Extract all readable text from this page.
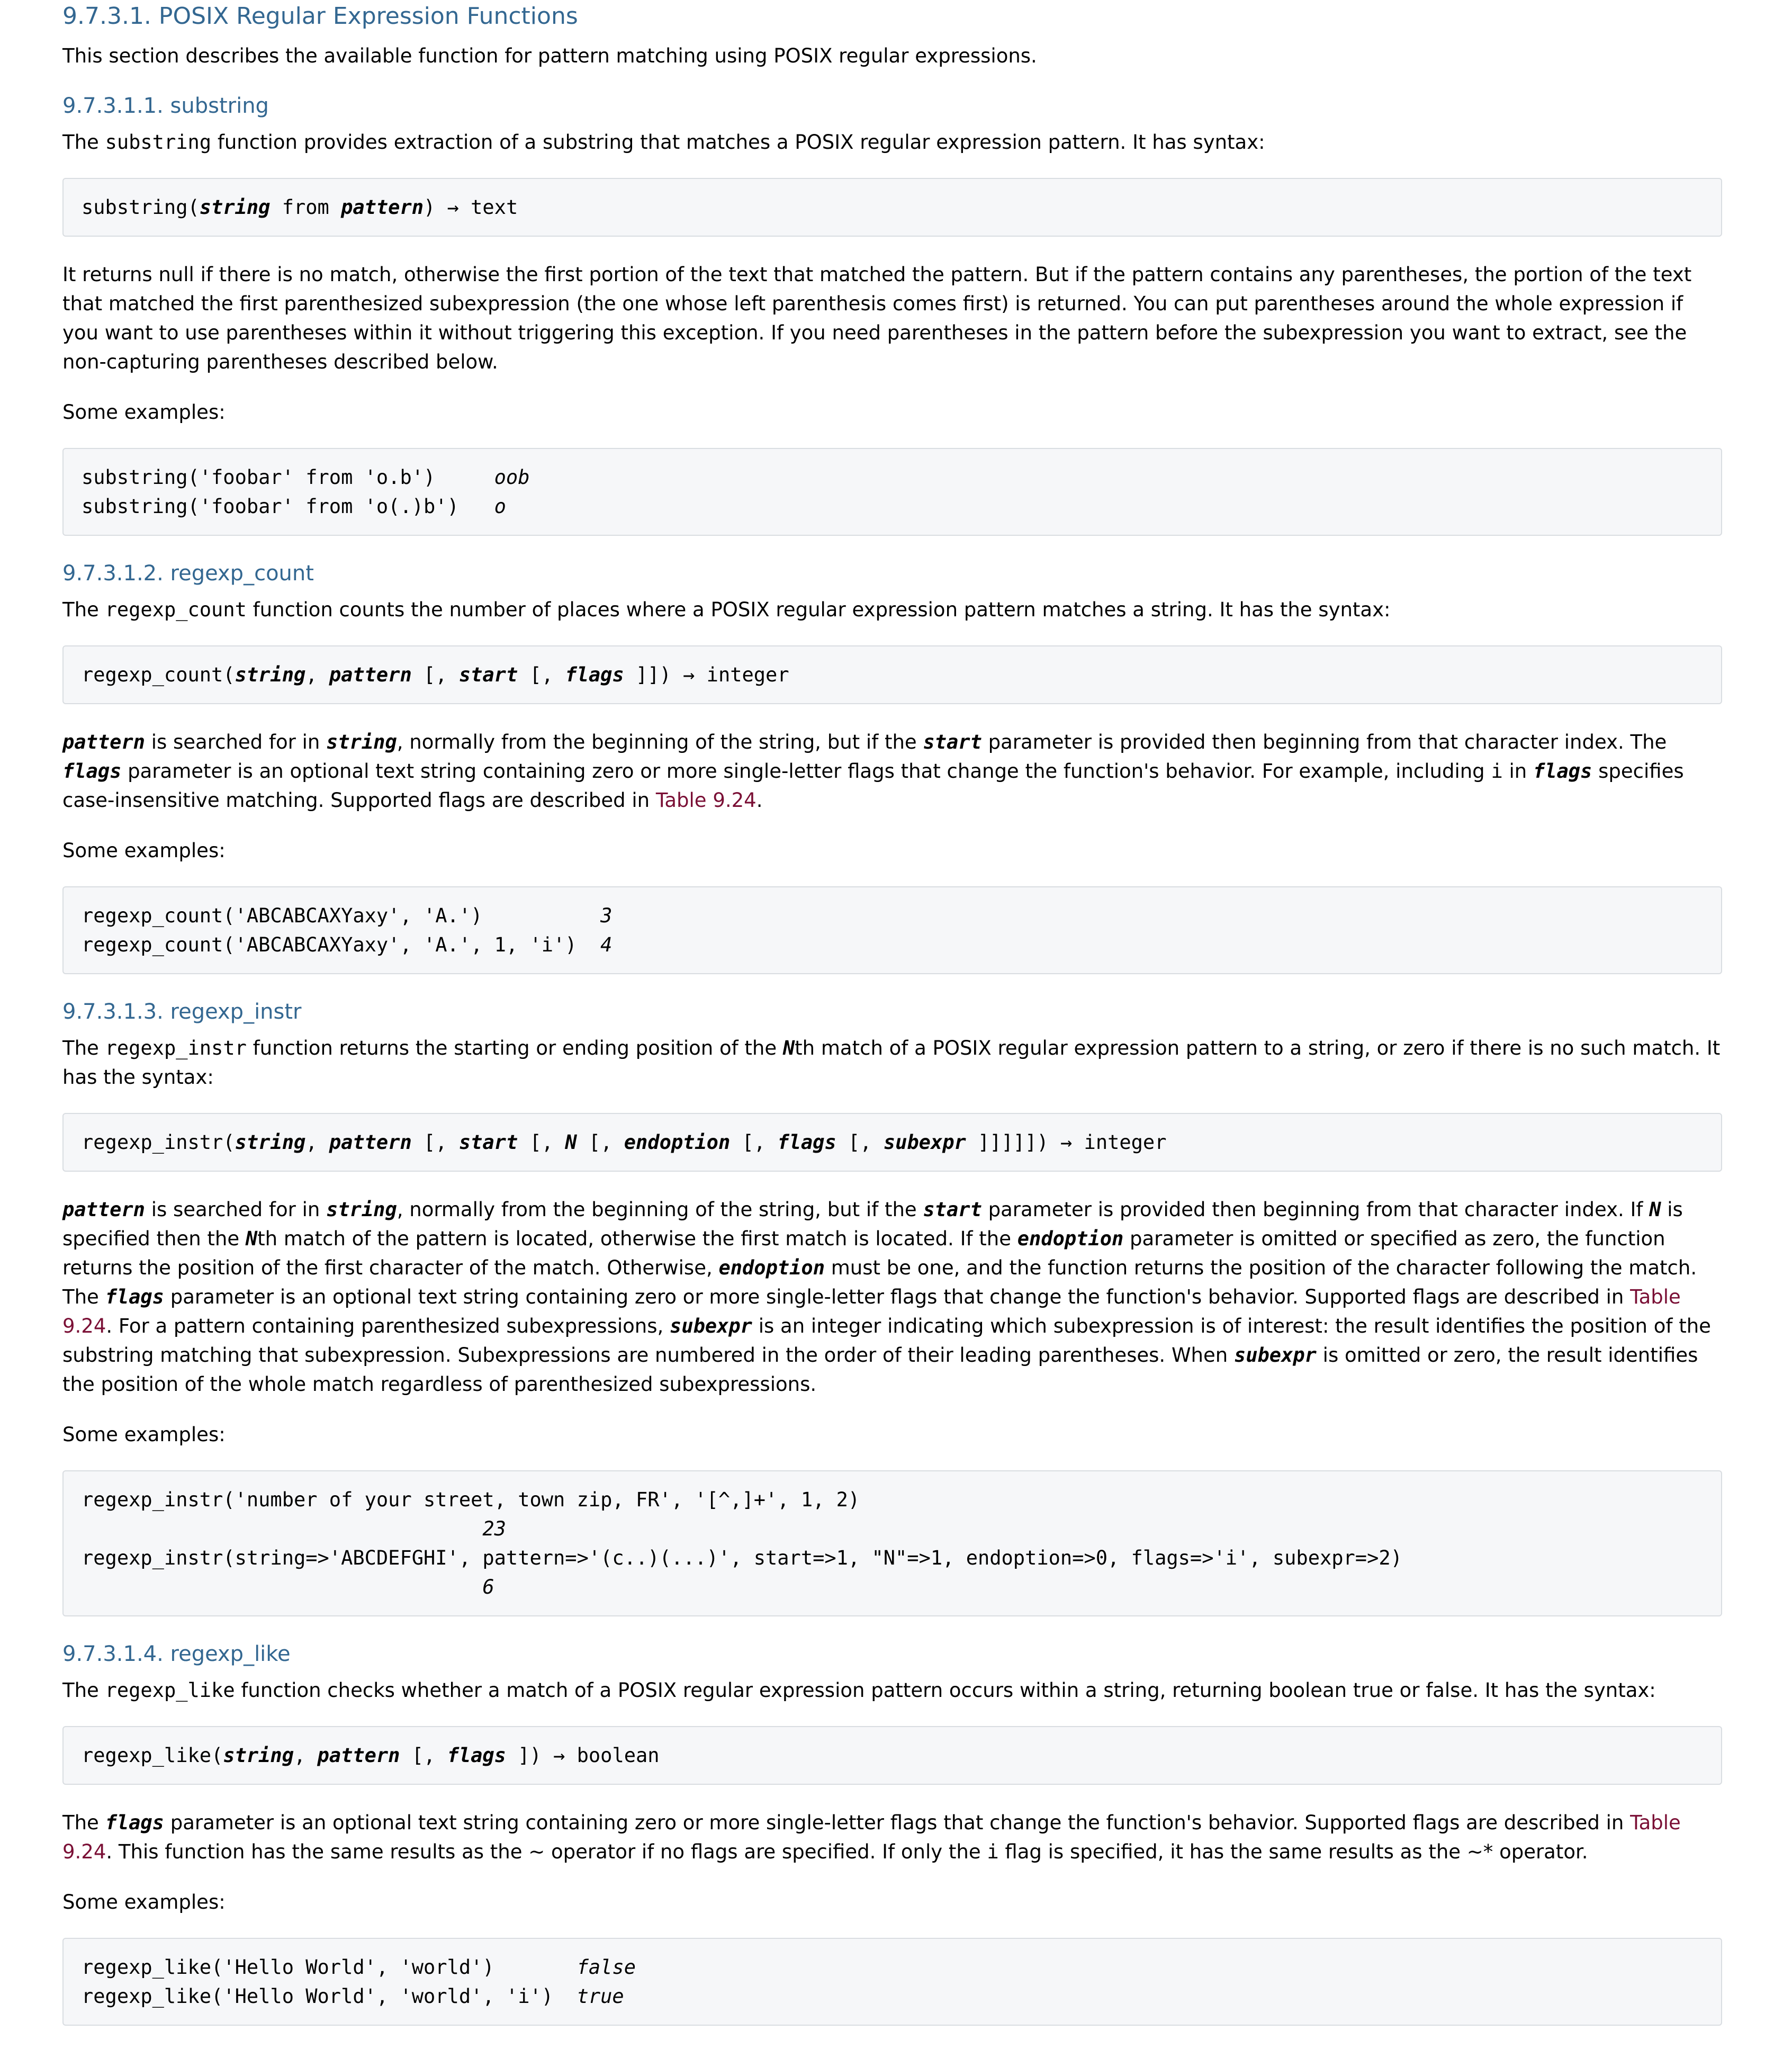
9.7.3.1. POSIX Regular Expression Functions

This section describes the available function for pattern matching using POSIX regular expressions.

9.7.3.1.1. substring

The substring function provides extraction of a substring that matches a POSIX regular expression pattern. It has syntax:

substring(string from pattern) → text

It returns null if there is no match, otherwise the first portion of the text that matched the pattern. But if the pattern contains any parentheses, the portion of the text that matched the first parenthesized subexpression (the one whose left parenthesis comes first) is returned. You can put parentheses around the whole expression if you want to use parentheses within it without triggering this exception. If you need parentheses in the pattern before the subexpression you want to extract, see the non-capturing parentheses described below.

Some examples:

substring('foobar' from 'o.b')     oob
substring('foobar' from 'o(.)b')   o
9.7.3.1.2. regexp_count

The regexp_count function counts the number of places where a POSIX regular expression pattern matches a string. It has the syntax:

regexp_count(string, pattern [, start [, flags ]]) → integer

pattern is searched for in string, normally from the beginning of the string, but if the start parameter is provided then beginning from that character index. The flags parameter is an optional text string containing zero or more single-letter flags that change the function's behavior. For example, including i in flags specifies case-insensitive matching. Supported flags are described in Table 9.24.

Some examples:

regexp_count('ABCABCAXYaxy', 'A.')          3
regexp_count('ABCABCAXYaxy', 'A.', 1, 'i')  4
9.7.3.1.3. regexp_instr

The regexp_instr function returns the starting or ending position of the Nth match of a POSIX regular expression pattern to a string, or zero if there is no such match. It has the syntax:

regexp_instr(string, pattern [, start [, N [, endoption [, flags [, subexpr ]]]]]) → integer

pattern is searched for in string, normally from the beginning of the string, but if the start parameter is provided then beginning from that character index. If N is specified then the Nth match of the pattern is located, otherwise the first match is located. If the endoption parameter is omitted or specified as zero, the function returns the position of the first character of the match. Otherwise, endoption must be one, and the function returns the position of the character following the match. The flags parameter is an optional text string containing zero or more single-letter flags that change the function's behavior. Supported flags are described in Table 9.24. For a pattern containing parenthesized subexpressions, subexpr is an integer indicating which subexpression is of interest: the result identifies the position of the substring matching that subexpression. Subexpressions are numbered in the order of their leading parentheses. When subexpr is omitted or zero, the result identifies the position of the whole match regardless of parenthesized subexpressions.

Some examples:

regexp_instr('number of your street, town zip, FR', '[^,]+', 1, 2)
23
regexp_instr(string=>'ABCDEFGHI', pattern=>'(c..)(...)', start=>1, "N"=>1, endoption=>0, flags=>'i', subexpr=>2)
6
9.7.3.1.4. regexp_like

The regexp_like function checks whether a match of a POSIX regular expression pattern occurs within a string, returning boolean true or false. It has the syntax:

regexp_like(string, pattern [, flags ]) → boolean

The flags parameter is an optional text string containing zero or more single-letter flags that change the function's behavior. Supported flags are described in Table 9.24. This function has the same results as the ~ operator if no flags are specified. If only the i flag is specified, it has the same results as the ~* operator.

Some examples:

regexp_like('Hello World', 'world')       false
regexp_like('Hello World', 'world', 'i')  true
